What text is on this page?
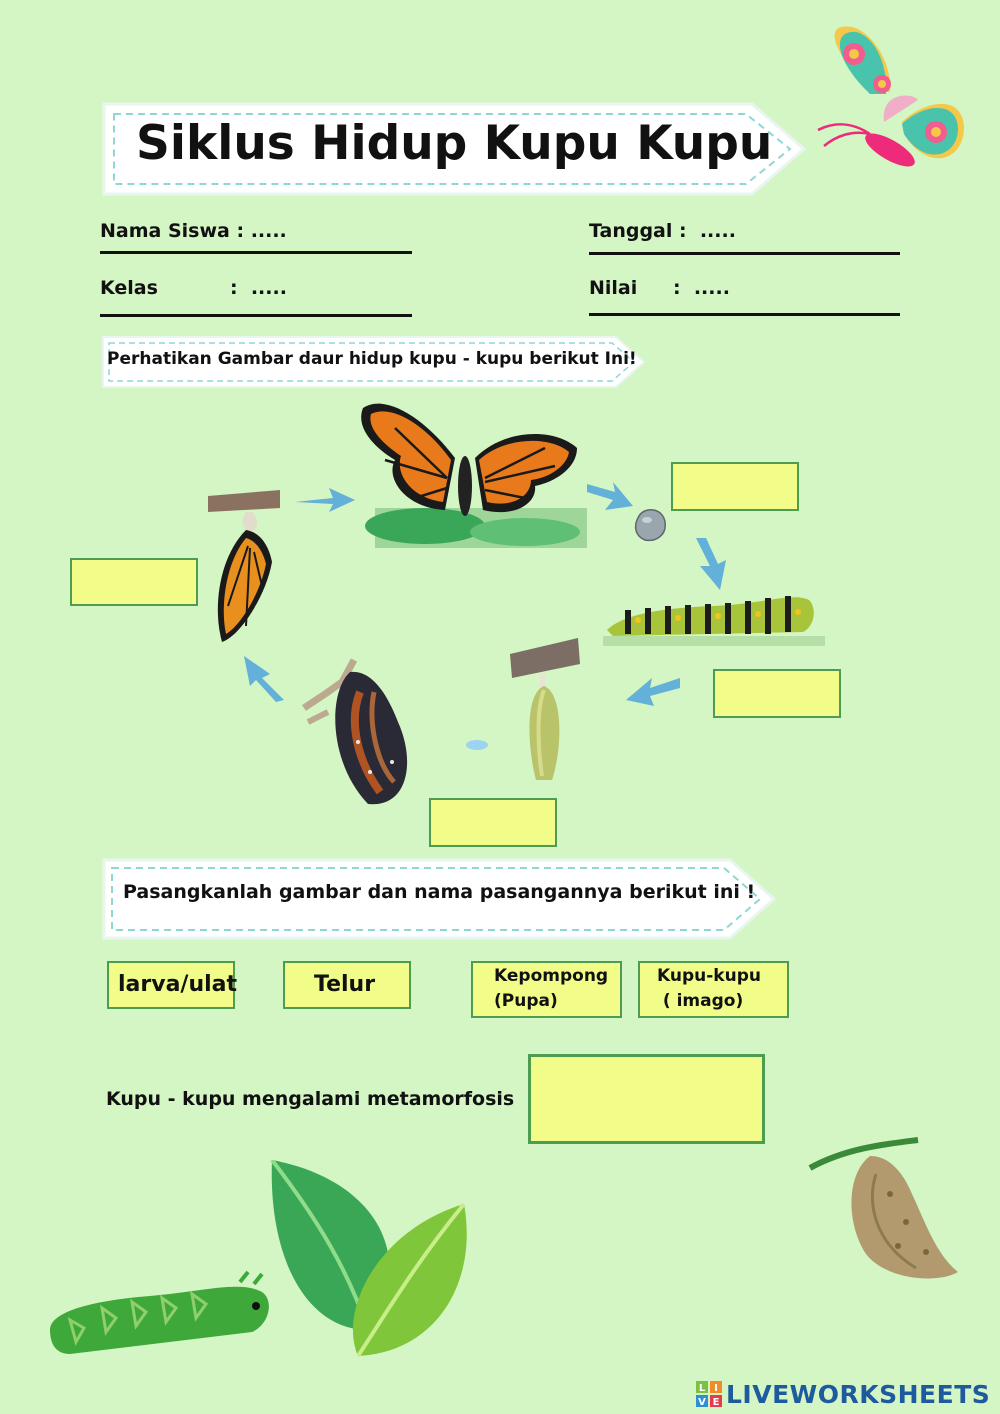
Siklus Hidup Kupu Kupu
Nama Siswa : .....	Tanggal : .....
Kelas	: .....	Nilai : .....
Perhatikan Gambar daur hidup kupu - kupu berikut Ini!
Pasangkanlah gambar dan nama pasangannya berikut ini !
larva/ulat	Telur	Kepompong
(Pupa)
Kupu-kupu
( imago)
Kupu - kupu mengalami metamorfosis
L I
V E LIVEWORKSHEETS
